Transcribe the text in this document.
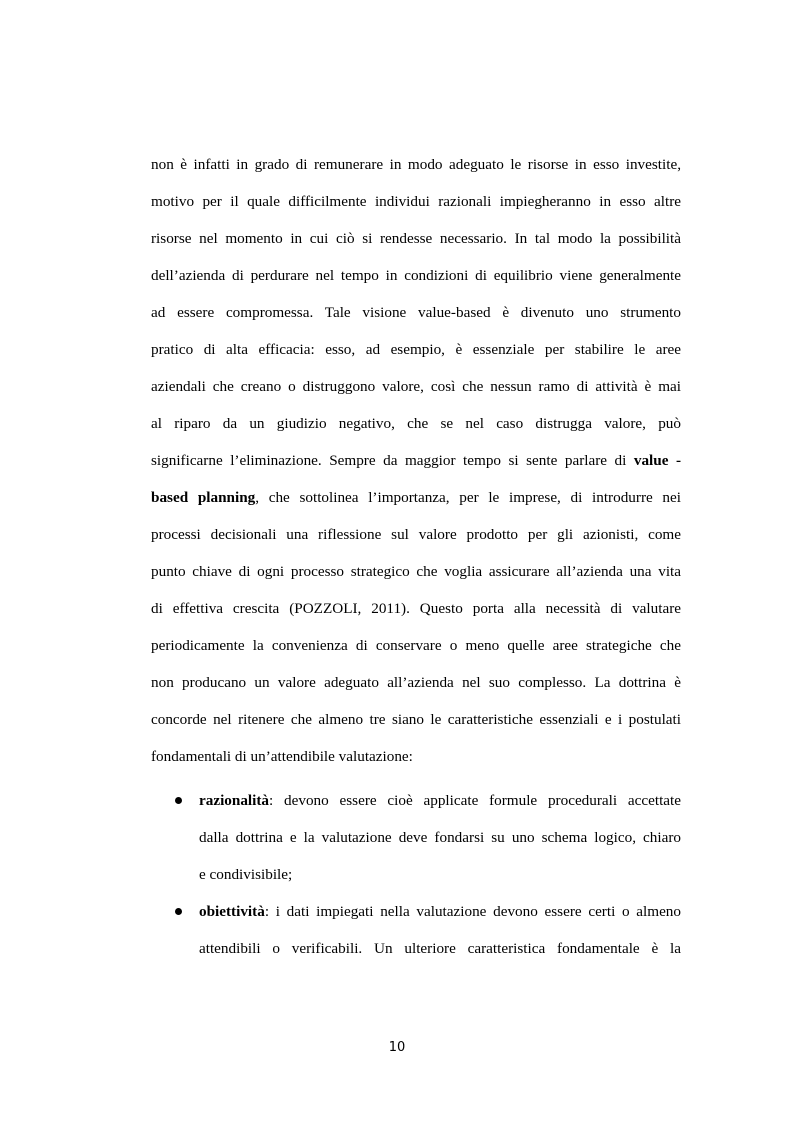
non è infatti in grado di remunerare in modo adeguato le risorse in esso investite,
motivo per il quale difficilmente individui razionali impiegheranno in esso altre
risorse nel momento in cui ciò si rendesse necessario. In tal modo la possibilità
dell’azienda di perdurare nel tempo in condizioni di equilibrio viene generalmente
ad essere compromessa. Tale visione value-based è divenuto uno strumento
pratico di alta efficacia: esso, ad esempio, è essenziale per stabilire le aree
aziendali che creano o distruggono valore, così che nessun ramo di attività è mai
al riparo da un giudizio negativo, che se nel caso distrugga valore, può
significarne l’eliminazione. Sempre da maggior tempo si sente parlare di value -
based planning, che sottolinea l’importanza, per le imprese, di introdurre nei
processi decisionali una riflessione sul valore prodotto per gli azionisti, come
punto chiave di ogni processo strategico che voglia assicurare all’azienda una vita
di effettiva crescita (POZZOLI, 2011). Questo porta alla necessità di valutare
periodicamente la convenienza di conservare o meno quelle aree strategiche che
non producano un valore adeguato all’azienda nel suo complesso. La dottrina è
concorde nel ritenere che almeno tre siano le caratteristiche essenziali e i postulati
fondamentali di un’attendibile valutazione:
razionalità: devono essere cioè applicate formule procedurali accettate
dalla dottrina e la valutazione deve fondarsi su uno schema logico, chiaro
e condivisibile;
obiettività: i dati impiegati nella valutazione devono essere certi o almeno
attendibili o verificabili. Un ulteriore caratteristica fondamentale è la
10
